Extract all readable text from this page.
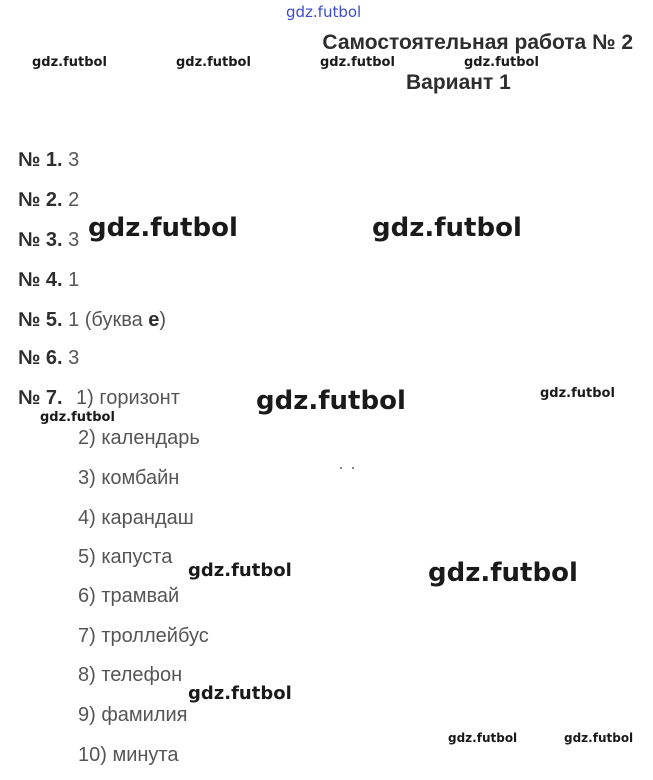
gdz.futbol
gdz.futbol	gdz.futbol	gdz.futbol	gdz.futbol
Самостоятельная работа № 2
Вариант 1
№ 1. 3
№ 2. 2
№ 3. 3
№ 4. 1
№ 5. 1 (буква е)
№ 6. 3
№ 7. 1) горизонт
2) календарь
3) комбайн
4) карандаш
5) капуста
6) трамвай
7) троллейбус
8) телефон
9) фамилия
10) минута
gdz.futbol	gdz.futbol
gdz.futbol
gdz.futbol
gdz.futbol
gdz.futbol
gdz.futbol
gdz.futbol
gdz.futbol	gdz.futbol
